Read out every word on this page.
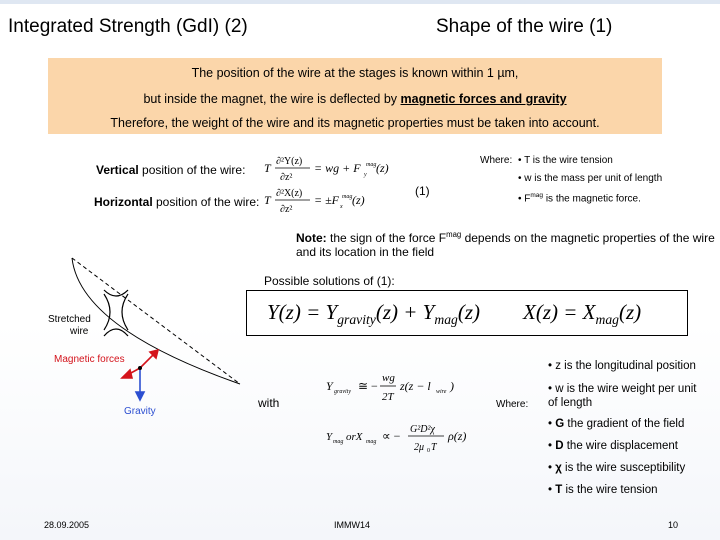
Integrated Strength (GdI) (2)	Shape of the wire (1)

The position of the wire at the stages is known within 1 µm,

but inside the magnet, the wire is deflected by magnetic forces and gravity

Therefore, the weight of the wire and its magnetic properties must be taken into account.

Vertical position of the wire: T ∂²Y(z)
∂z²
= wg + F y
mag (z)
Horizontal position of the wire: T ∂²X(z)
∂z²
= ±F x
mag (z)
(1)
Where: • T is the wire tension
• w is the mass per unit of length
• $F^{mag}$ is the magnetic force.
Note: the sign of the force $F^{mag}$ depends on the magnetic properties of the wire
and its location in the field
Possible solutions of (1):
$Y(z) = Y_{gravity}(z) + Y_{mag}(z) X(z) = X_{mag}(z)$
Stretched
wire
Magnetic forces
Gravity
with
Y gravity ≅ −
wg
2T
z(z − l wire )
Y mag orX mag ∝ − G²D²χ
2μ 0 T
ρ(z)
Where:
• z is the longitudinal position
• w is the wire weight per unit
of length
• G the gradient of the field
• D the wire displacement
• χ is the wire susceptibility
• T is the wire tension
28.09.2005	IMMW14	10
